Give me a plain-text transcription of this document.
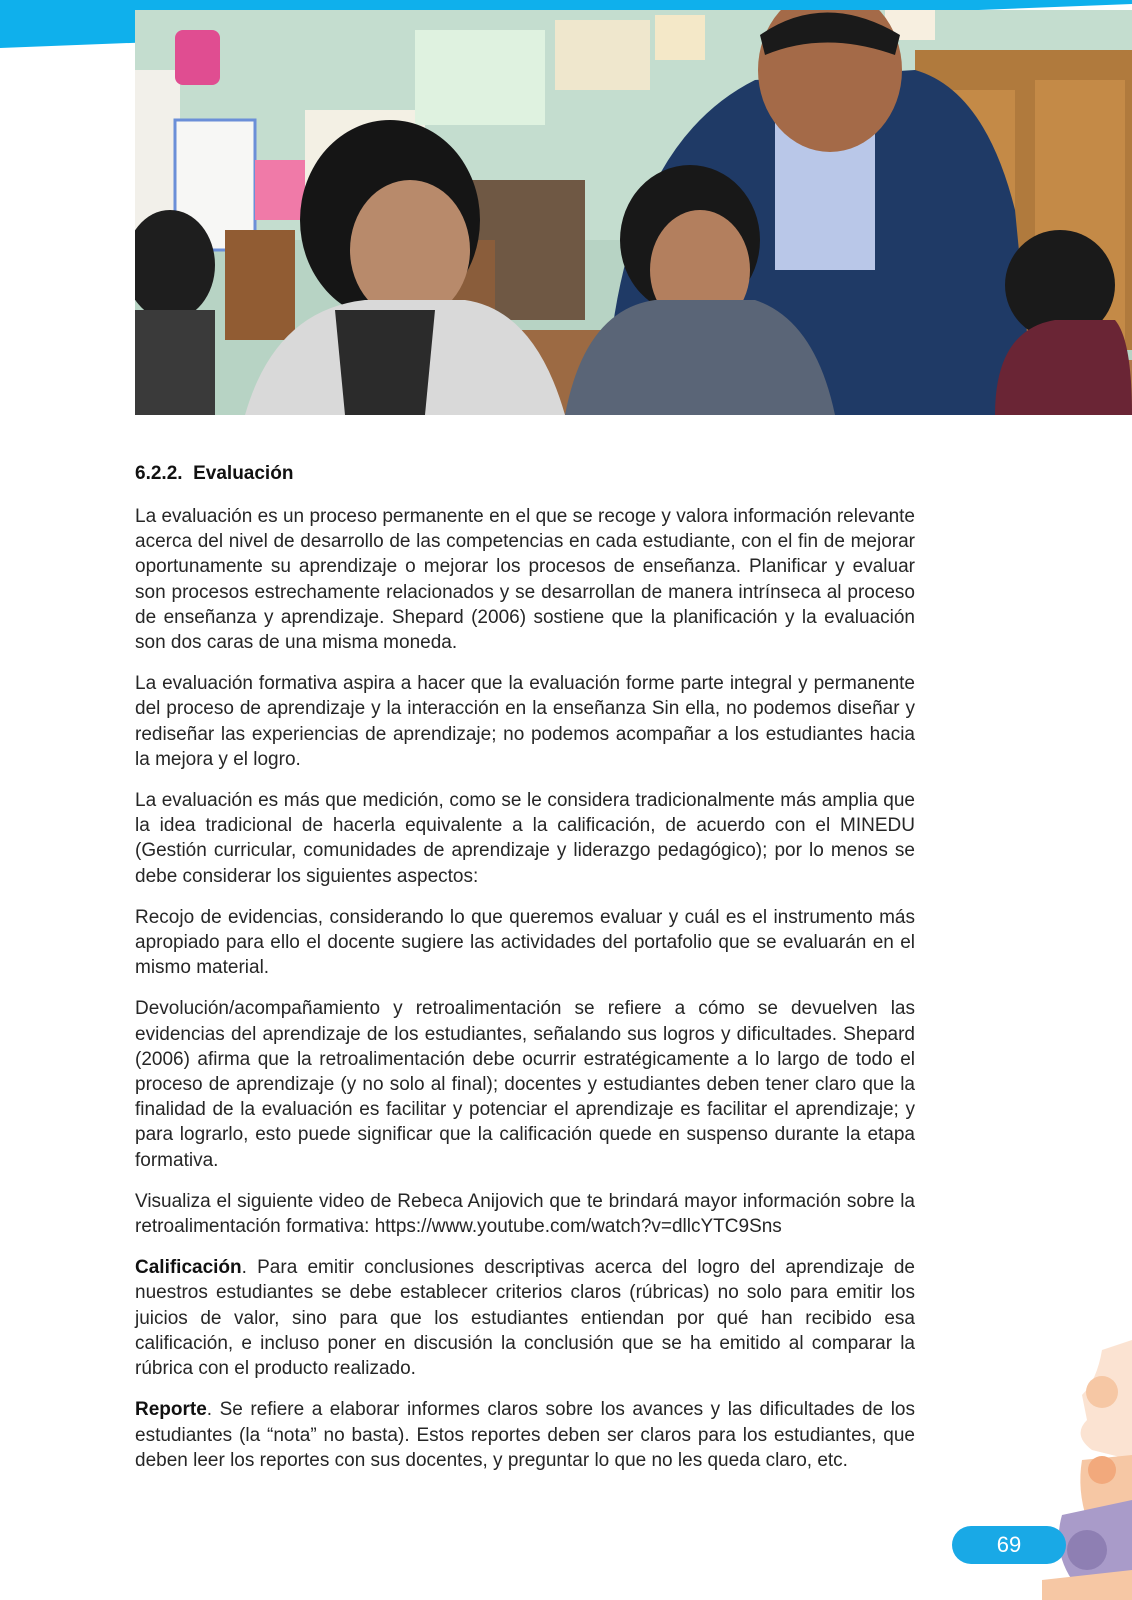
6.2.2. Evaluación

La evaluación es un proceso permanente en el que se recoge y valora información relevante acerca del nivel de desarrollo de las competencias en cada estudiante, con el fin de mejorar oportunamente su aprendizaje o mejorar los procesos de enseñanza. Planificar y evaluar son procesos estrechamente relacionados y se desarrollan de manera intrínseca al proceso de enseñanza y aprendizaje. Shepard (2006) sostiene que la planificación y la evaluación son dos caras de una misma moneda.

La evaluación formativa aspira a hacer que la evaluación forme parte integral y permanente del proceso de aprendizaje y la interacción en la enseñanza Sin ella, no podemos diseñar y rediseñar las experiencias de aprendizaje; no podemos acompañar a los estudiantes hacia la mejora y el logro.

La evaluación es más que medición, como se le considera tradicionalmente más amplia que la idea tradicional de hacerla equivalente a la calificación, de acuerdo con el MINEDU (Gestión curricular, comunidades de aprendizaje y liderazgo pedagógico); por lo menos se debe considerar los siguientes aspectos:

Recojo de evidencias, considerando lo que queremos evaluar y cuál es el instrumento más apropiado para ello el docente sugiere las actividades del portafolio que se evaluarán en el mismo material.

Devolución/acompañamiento y retroalimentación se refiere a cómo se devuelven las evidencias del aprendizaje de los estudiantes, señalando sus logros y dificultades. Shepard (2006) afirma que la retroalimentación debe ocurrir estratégicamente a lo largo de todo el proceso de aprendizaje (y no solo al final); docentes y estudiantes deben tener claro que la finalidad de la evaluación es facilitar y potenciar el aprendizaje es facilitar el aprendizaje; y para lograrlo, esto puede significar que la calificación quede en suspenso durante la etapa formativa.

Visualiza el siguiente video de Rebeca Anijovich que te brindará mayor información sobre la retroalimentación formativa: https://www.youtube.com/watch?v=dllcYTC9Sns

Calificación. Para emitir conclusiones descriptivas acerca del logro del aprendizaje de nuestros estudiantes se debe establecer criterios claros (rúbricas) no solo para emitir los juicios de valor, sino para que los estudiantes entiendan por qué han recibido esa calificación, e incluso poner en discusión la conclusión que se ha emitido al comparar la rúbrica con el producto realizado.

Reporte. Se refiere a elaborar informes claros sobre los avances y las dificultades de los estudiantes (la “nota” no basta). Estos reportes deben ser claros para los estudiantes, que deben leer los reportes con sus docentes, y preguntar lo que no les queda claro, etc.

69
